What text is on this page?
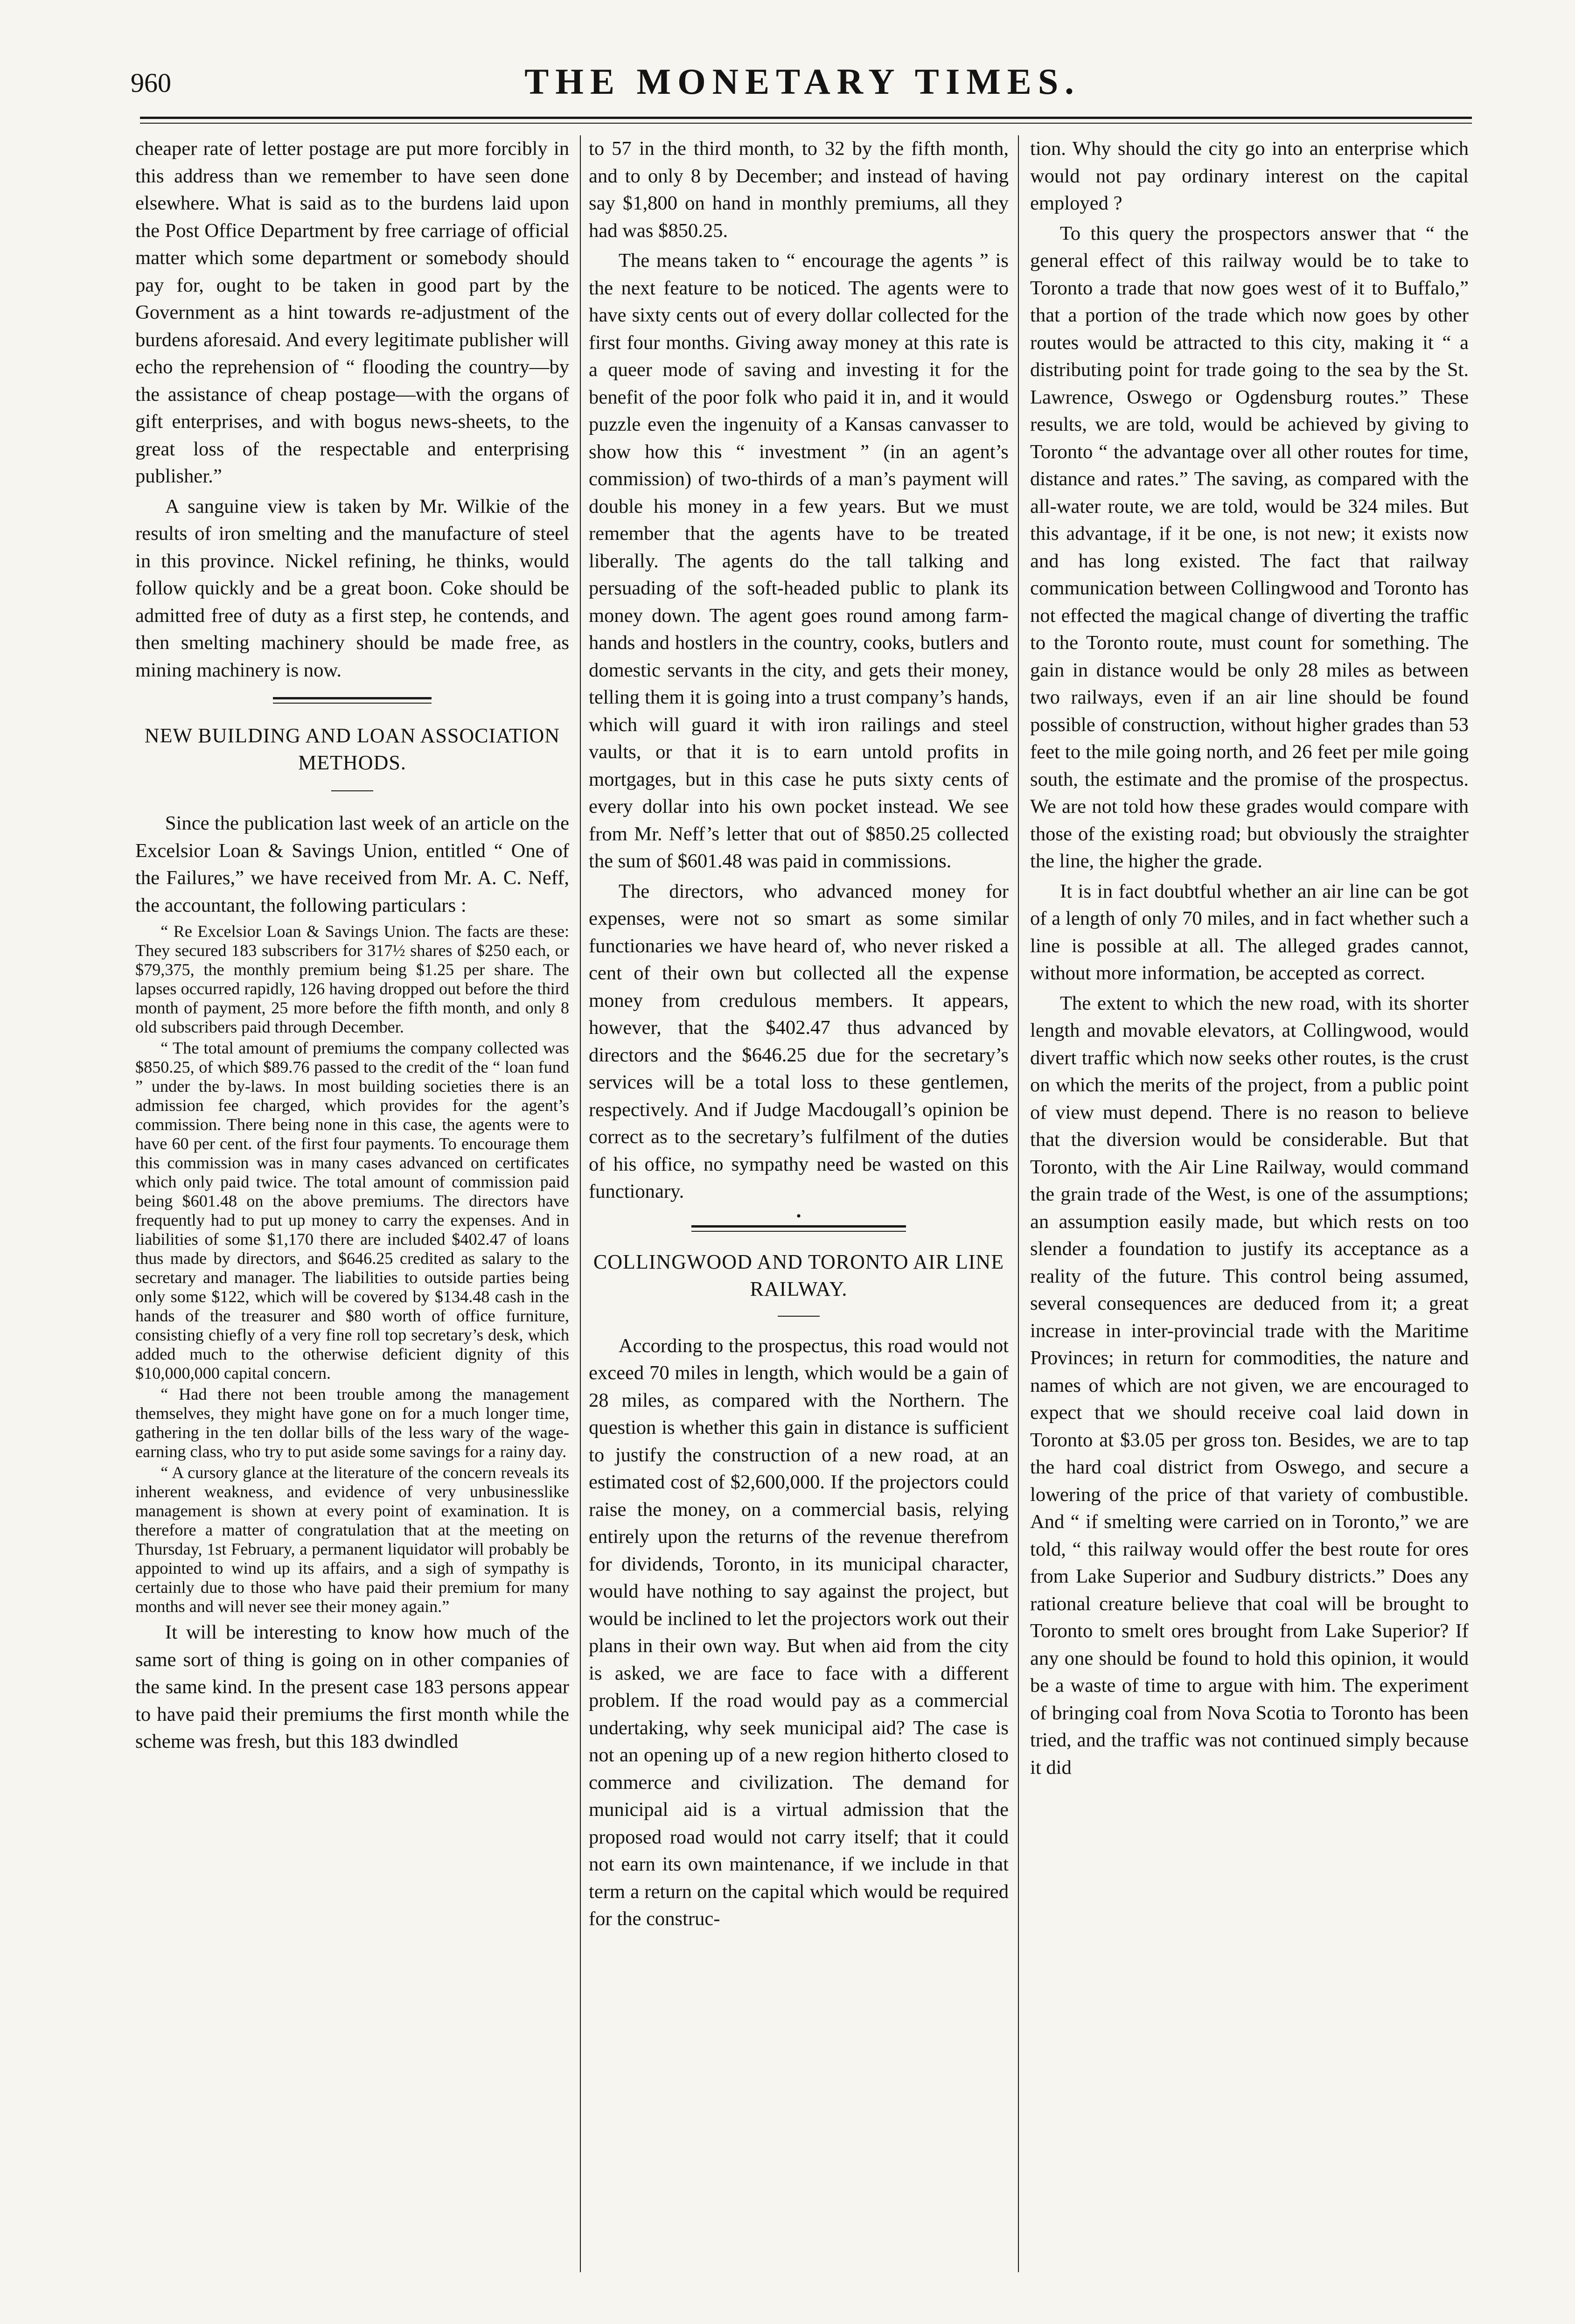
960	THE MONETARY TIMES.

cheaper rate of letter postage are put more forcibly in this address than we remember to have seen done elsewhere. What is said as to the burdens laid upon the Post Office Department by free carriage of official matter which some department or somebody should pay for, ought to be taken in good part by the Government as a hint towards re-adjustment of the burdens aforesaid. And every legitimate publisher will echo the reprehension of “ flooding the country—by the assistance of cheap postage—with the organs of gift enterprises, and with bogus news-sheets, to the great loss of the respectable and enterprising publisher.”

A sanguine view is taken by Mr. Wilkie of the results of iron smelting and the manufacture of steel in this province. Nickel refining, he thinks, would follow quickly and be a great boon. Coke should be admitted free of duty as a first step, he contends, and then smelting machinery should be made free, as mining machinery is now.

NEW BUILDING AND LOAN ASSOCIATION METHODS.

Since the publication last week of an article on the Excelsior Loan & Savings Union, entitled “ One of the Failures,” we have received from Mr. A. C. Neff, the accountant, the following particulars :

“ Re Excelsior Loan & Savings Union. The facts are these: They secured 183 subscribers for 317½ shares of $250 each, or $79,375, the monthly premium being $1.25 per share. The lapses occurred rapidly, 126 having dropped out before the third month of payment, 25 more before the fifth month, and only 8 old subscribers paid through December.

“ The total amount of premiums the company collected was $850.25, of which $89.76 passed to the credit of the “ loan fund ” under the by-laws. In most building societies there is an admission fee charged, which provides for the agent’s commission. There being none in this case, the agents were to have 60 per cent. of the first four payments. To encourage them this commission was in many cases advanced on certificates which only paid twice. The total amount of commission paid being $601.48 on the above premiums. The directors have frequently had to put up money to carry the expenses. And in liabilities of some $1,170 there are included $402.47 of loans thus made by directors, and $646.25 credited as salary to the secretary and manager. The liabilities to outside parties being only some $122, which will be covered by $134.48 cash in the hands of the treasurer and $80 worth of office furniture, consisting chiefly of a very fine roll top secretary’s desk, which added much to the otherwise deficient dignity of this $10,000,000 capital concern.

“ Had there not been trouble among the management themselves, they might have gone on for a much longer time, gathering in the ten dollar bills of the less wary of the wage-earning class, who try to put aside some savings for a rainy day.

“ A cursory glance at the literature of the concern reveals its inherent weakness, and evidence of very unbusinesslike management is shown at every point of examination. It is therefore a matter of congratulation that at the meeting on Thursday, 1st February, a permanent liquidator will probably be appointed to wind up its affairs, and a sigh of sympathy is certainly due to those who have paid their premium for many months and will never see their money again.”

It will be interesting to know how much of the same sort of thing is going on in other companies of the same kind. In the present case 183 persons appear to have paid their premiums the first month while the scheme was fresh, but this 183 dwindled

to 57 in the third month, to 32 by the fifth month, and to only 8 by December; and instead of having say $1,800 on hand in monthly premiums, all they had was $850.25.

The means taken to “ encourage the agents ” is the next feature to be noticed. The agents were to have sixty cents out of every dollar collected for the first four months. Giving away money at this rate is a queer mode of saving and investing it for the benefit of the poor folk who paid it in, and it would puzzle even the ingenuity of a Kansas canvasser to show how this “ investment ” (in an agent’s commission) of two-thirds of a man’s payment will double his money in a few years. But we must remember that the agents have to be treated liberally. The agents do the tall talking and persuading of the soft-headed public to plank its money down. The agent goes round among farm-hands and hostlers in the country, cooks, butlers and domestic servants in the city, and gets their money, telling them it is going into a trust company’s hands, which will guard it with iron railings and steel vaults, or that it is to earn untold profits in mortgages, but in this case he puts sixty cents of every dollar into his own pocket instead. We see from Mr. Neff’s letter that out of $850.25 collected the sum of $601.48 was paid in commissions.

The directors, who advanced money for expenses, were not so smart as some similar functionaries we have heard of, who never risked a cent of their own but collected all the expense money from credulous members. It appears, however, that the $402.47 thus advanced by directors and the $646.25 due for the secretary’s services will be a total loss to these gentlemen, respectively. And if Judge Macdougall’s opinion be correct as to the secretary’s fulfilment of the duties of his office, no sympathy need be wasted on this functionary.

•
COLLINGWOOD AND TORONTO AIR LINE RAILWAY.

According to the prospectus, this road would not exceed 70 miles in length, which would be a gain of 28 miles, as compared with the Northern. The question is whether this gain in distance is sufficient to justify the construction of a new road, at an estimated cost of $2,600,000. If the projectors could raise the money, on a commercial basis, relying entirely upon the returns of the revenue therefrom for dividends, Toronto, in its municipal character, would have nothing to say against the project, but would be inclined to let the projectors work out their plans in their own way. But when aid from the city is asked, we are face to face with a different problem. If the road would pay as a commercial undertaking, why seek municipal aid? The case is not an opening up of a new region hitherto closed to commerce and civilization. The demand for municipal aid is a virtual admission that the proposed road would not carry itself; that it could not earn its own maintenance, if we include in that term a return on the capital which would be required for the construc-

tion. Why should the city go into an enterprise which would not pay ordinary interest on the capital employed ?

To this query the prospectors answer that “ the general effect of this railway would be to take to Toronto a trade that now goes west of it to Buffalo,” that a portion of the trade which now goes by other routes would be attracted to this city, making it “ a distributing point for trade going to the sea by the St. Lawrence, Oswego or Ogdensburg routes.” These results, we are told, would be achieved by giving to Toronto “ the advantage over all other routes for time, distance and rates.” The saving, as compared with the all-water route, we are told, would be 324 miles. But this advantage, if it be one, is not new; it exists now and has long existed. The fact that railway communication between Collingwood and Toronto has not effected the magical change of diverting the traffic to the Toronto route, must count for something. The gain in distance would be only 28 miles as between two railways, even if an air line should be found possible of construction, without higher grades than 53 feet to the mile going north, and 26 feet per mile going south, the estimate and the promise of the prospectus. We are not told how these grades would compare with those of the existing road; but obviously the straighter the line, the higher the grade.

It is in fact doubtful whether an air line can be got of a length of only 70 miles, and in fact whether such a line is possible at all. The alleged grades cannot, without more information, be accepted as correct.

The extent to which the new road, with its shorter length and movable elevators, at Collingwood, would divert traffic which now seeks other routes, is the crust on which the merits of the project, from a public point of view must depend. There is no reason to believe that the diversion would be considerable. But that Toronto, with the Air Line Railway, would command the grain trade of the West, is one of the assumptions; an assumption easily made, but which rests on too slender a foundation to justify its acceptance as a reality of the future. This control being assumed, several consequences are deduced from it; a great increase in inter-provincial trade with the Maritime Provinces; in return for commodities, the nature and names of which are not given, we are encouraged to expect that we should receive coal laid down in Toronto at $3.05 per gross ton. Besides, we are to tap the hard coal district from Oswego, and secure a lowering of the price of that variety of combustible. And “ if smelting were carried on in Toronto,” we are told, “ this railway would offer the best route for ores from Lake Superior and Sudbury districts.” Does any rational creature believe that coal will be brought to Toronto to smelt ores brought from Lake Superior? If any one should be found to hold this opinion, it would be a waste of time to argue with him. The experiment of bringing coal from Nova Scotia to Toronto has been tried, and the traffic was not continued simply because it did
